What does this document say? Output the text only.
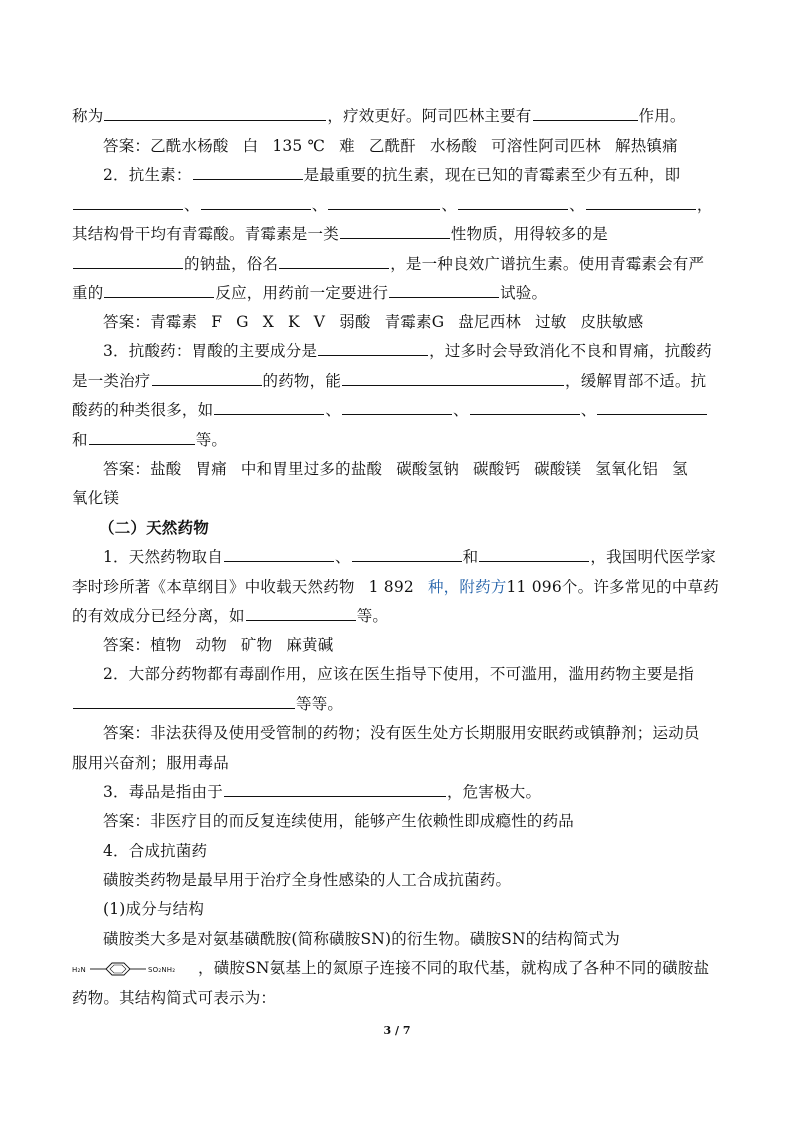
称为	，疗效更好。阿司匹林主要有	作用。
答案：乙酰水杨酸 白 135 ℃ 难 乙酰酐 水杨酸 可溶性阿司匹林 解热镇痛
2．抗生素：	是最重要的抗生素，现在已知的青霉素至少有五种，即
、	、	、	、	，
其结构骨干均有青霉酸。青霉素是一类	性物质，用得较多的是
的钠盐，俗名	，是一种良效广谱抗生素。使用青霉素会有严
重的	反应，用药前一定要进行	试验。
答案：青霉素 F G X K V 弱酸 青霉素G 盘尼西林 过敏 皮肤敏感
3．抗酸药：胃酸的主要成分是	，过多时会导致消化不良和胃痛，抗酸药
是一类治疗	的药物，能	，缓解胃部不适。抗
酸药的种类很多，如	、	、	、
和	等。
答案：盐酸 胃痛 中和胃里过多的盐酸 碳酸氢钠 碳酸钙 碳酸镁 氢氧化铝 氢
氧化镁
（二）天然药物
1．天然药物取自	、	和	，我国明代医学家
李时珍所著《本草纲目》中收载天然药物 1 892 种，附药方11 096个。许多常见的中草药
的有效成分已经分离，如	等。
答案：植物 动物 矿物 麻黄碱
2．大部分药物都有毒副作用，应该在医生指导下使用，不可滥用，滥用药物主要是指
等等。
答案：非法获得及使用受管制的药物；没有医生处方长期服用安眠药或镇静剂；运动员
服用兴奋剂；服用毒品
3．毒品是指由于	，危害极大。
答案：非医疗目的而反复连续使用，能够产生依赖性即成瘾性的药品
4．合成抗菌药
磺胺类药物是最早用于治疗全身性感染的人工合成抗菌药。
(1)成分与结构
磺胺类大多是对氨基磺酰胺(简称磺胺SN)的衍生物。磺胺SN的结构简式为
H₂N	SO₂NH₂ ，磺胺SN氨基上的氮原子连接不同的取代基，就构成了各种不同的磺胺盐
药物。其结构简式可表示为：
3 / 7
